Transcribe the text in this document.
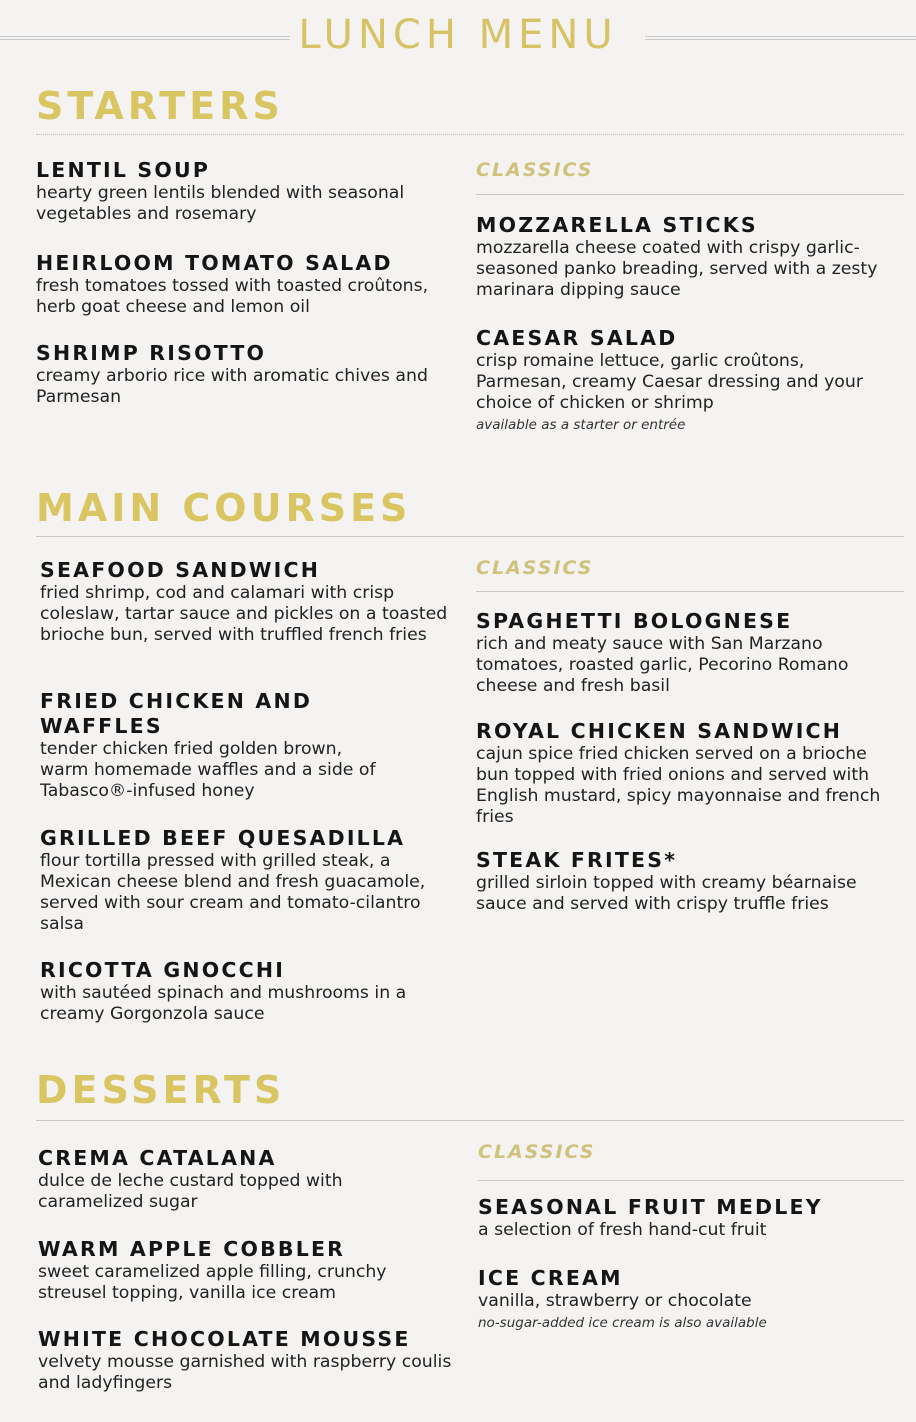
LUNCH MENU
STARTERS
LENTIL SOUP
hearty green lentils blended with seasonal vegetables and rosemary
HEIRLOOM TOMATO SALAD
fresh tomatoes tossed with toasted croûtons, herb goat cheese and lemon oil
SHRIMP RISOTTO
creamy arborio rice with aromatic chives and Parmesan
CLASSICS
MOZZARELLA STICKS
mozzarella cheese coated with crispy garlic-seasoned panko breading, served with a zesty marinara dipping sauce
CAESAR SALAD
crisp romaine lettuce, garlic croûtons, Parmesan, creamy Caesar dressing and your choice of chicken or shrimp
available as a starter or entrée
MAIN COURSES
SEAFOOD SANDWICH
fried shrimp, cod and calamari with crisp coleslaw, tartar sauce and pickles on a toasted brioche bun, served with truffled french fries
FRIED CHICKEN AND WAFFLES
tender chicken fried golden brown, warm homemade waffles and a side of Tabasco®-infused honey
GRILLED BEEF QUESADILLA
flour tortilla pressed with grilled steak, a Mexican cheese blend and fresh guacamole, served with sour cream and tomato-cilantro salsa
RICOTTA GNOCCHI
with sautéed spinach and mushrooms in a creamy Gorgonzola sauce
CLASSICS
SPAGHETTI BOLOGNESE
rich and meaty sauce with San Marzano tomatoes, roasted garlic, Pecorino Romano cheese and fresh basil
ROYAL CHICKEN SANDWICH
cajun spice fried chicken served on a brioche bun topped with fried onions and served with English mustard, spicy mayonnaise and french fries
STEAK FRITES*
grilled sirloin topped with creamy béarnaise sauce and served with crispy truffle fries
DESSERTS
CREMA CATALANA
dulce de leche custard topped with caramelized sugar
WARM APPLE COBBLER
sweet caramelized apple filling, crunchy streusel topping, vanilla ice cream
WHITE CHOCOLATE MOUSSE
velvety mousse garnished with raspberry coulis and ladyfingers
CLASSICS
SEASONAL FRUIT MEDLEY
a selection of fresh hand-cut fruit
ICE CREAM
vanilla, strawberry or chocolate
no-sugar-added ice cream is also available
